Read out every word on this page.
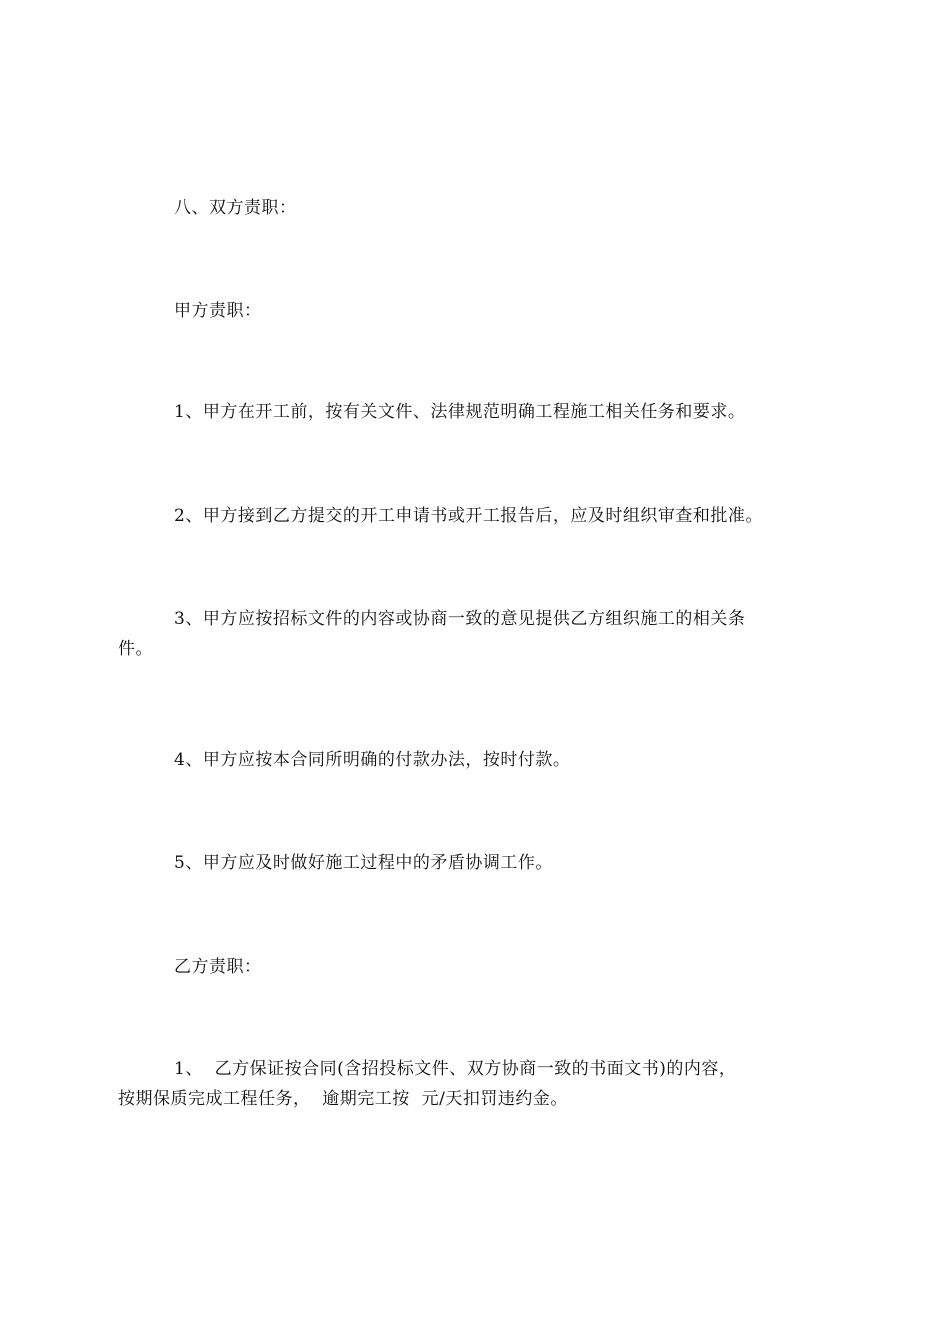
八、双方责职：
甲方责职：
1、甲方在开工前，按有关文件、法律规范明确工程施工相关任务和要求。
2、甲方接到乙方提交的开工申请书或开工报告后，应及时组织审查和批准。
3、甲方应按招标文件的内容或协商一致的意见提供乙方组织施工的相关条
件。
4、甲方应按本合同所明确的付款办法，按时付款。
5、甲方应及时做好施工过程中的矛盾协调工作。
乙方责职：
1、  乙方保证按合同(含招投标文件、双方协商一致的书面文书)的内容，
按期保质完成工程任务，  逾期完工按  元/天扣罚违约金。
